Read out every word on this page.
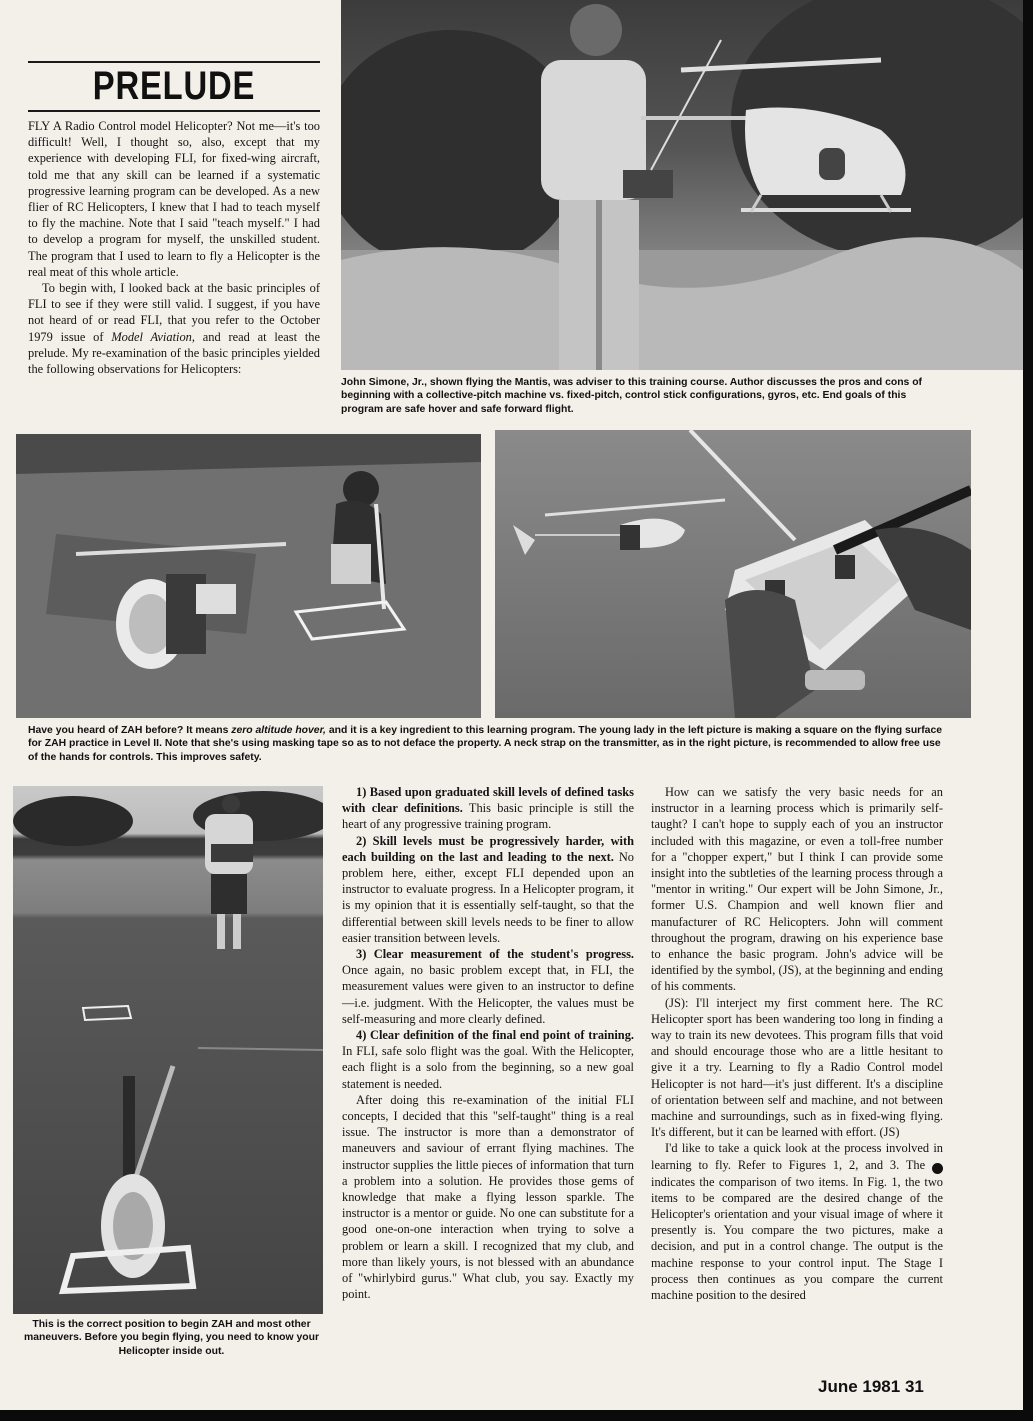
PRELUDE

FLY A Radio Control model Helicopter? Not me—it's too difficult! Well, I thought so, also, except that my experience with developing FLI, for fixed-wing aircraft, told me that any skill can be learned if a systematic progressive learning program can be developed. As a new flier of RC Helicopters, I knew that I had to teach myself to fly the machine. Note that I said "teach myself." I had to develop a program for myself, the unskilled student. The program that I used to learn to fly a Helicopter is the real meat of this whole article.

To begin with, I looked back at the basic principles of FLI to see if they were still valid. I suggest, if you have not heard of or read FLI, that you refer to the October 1979 issue of Model Aviation, and read at least the prelude. My re-examination of the basic principles yielded the following observations for Helicopters:

John Simone, Jr., shown flying the Mantis, was adviser to this training course. Author discusses the pros and cons of beginning with a collective-pitch machine vs. fixed-pitch, control stick configurations, gyros, etc. End goals of this program are safe hover and safe forward flight.
Have you heard of ZAH before? It means zero altitude hover, and it is a key ingredient to this learning program. The young lady in the left picture is making a square on the flying surface for ZAH practice in Level II. Note that she's using masking tape so as to not deface the property. A neck strap on the transmitter, as in the right picture, is recommended to allow free use of the hands for controls. This improves safety.
This is the correct position to begin ZAH and most other maneuvers. Before you begin flying, you need to know your Helicopter inside out.

1) Based upon graduated skill levels of defined tasks with clear definitions. This basic principle is still the heart of any progressive training program.

2) Skill levels must be progressively harder, with each building on the last and leading to the next. No problem here, either, except FLI depended upon an instructor to evaluate progress. In a Helicopter program, it is my opinion that it is essentially self-taught, so that the differential between skill levels needs to be finer to allow easier transition between levels.

3) Clear measurement of the student's progress. Once again, no basic problem except that, in FLI, the measurement values were given to an instructor to define—i.e. judgment. With the Helicopter, the values must be self-measuring and more clearly defined.

4) Clear definition of the final end point of training. In FLI, safe solo flight was the goal. With the Helicopter, each flight is a solo from the beginning, so a new goal statement is needed.

After doing this re-examination of the initial FLI concepts, I decided that this "self-taught" thing is a real issue. The instructor is more than a demonstrator of maneuvers and saviour of errant flying machines. The instructor supplies the little pieces of information that turn a problem into a solution. He provides those gems of knowledge that make a flying lesson sparkle. The instructor is a mentor or guide. No one can substitute for a good one-on-one interaction when trying to solve a problem or learn a skill. I recognized that my club, and more than likely yours, is not blessed with an abundance of "whirlybird gurus." What club, you say. Exactly my point.

How can we satisfy the very basic needs for an instructor in a learning process which is primarily self-taught? I can't hope to supply each of you an instructor included with this magazine, or even a toll-free number for a "chopper expert," but I think I can provide some insight into the subtleties of the learning process through a "mentor in writing." Our expert will be John Simone, Jr., former U.S. Champion and well known flier and manufacturer of RC Helicopters. John will comment throughout the program, drawing on his experience base to enhance the basic program. John's advice will be identified by the symbol, (JS), at the beginning and ending of his comments.

(JS): I'll interject my first comment here. The RC Helicopter sport has been wandering too long in finding a way to train its new devotees. This program fills that void and should encourage those who are a little hesitant to give it a try. Learning to fly a Radio Control model Helicopter is not hard—it's just different. It's a discipline of orientation between self and machine, and not between machine and surroundings, such as in fixed-wing flying. It's different, but it can be learned with effort. (JS)

I'd like to take a quick look at the process involved in learning to fly. Refer to Figures 1, 2, and 3. The ✕ indicates the comparison of two items. In Fig. 1, the two items to be compared are the desired change of the Helicopter's orientation and your visual image of where it presently is. You compare the two pictures, make a decision, and put in a control change. The output is the machine response to your control input. The Stage I process then continues as you compare the current machine position to the desired

June 1981 31
